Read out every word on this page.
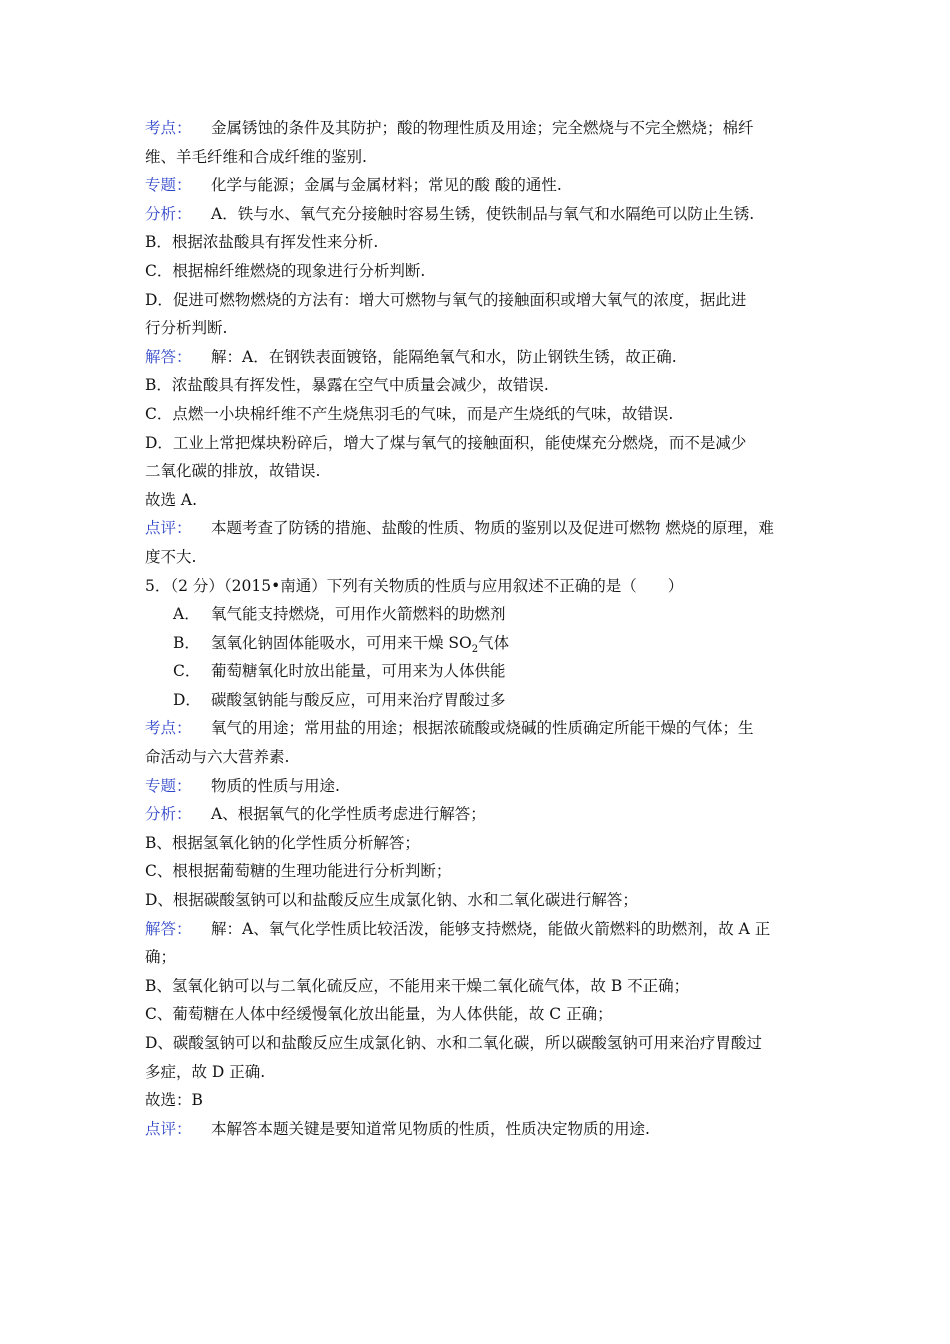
考点： 金属锈蚀的条件及其防护；酸的物理性质及用途；完全燃烧与不完全燃烧；棉纤
维、羊毛纤维和合成纤维的鉴别.
专题： 化学与能源；金属与金属材料；常见的酸 酸的通性.
分析： A．铁与水、氧气充分接触时容易生锈，使铁制品与氧气和水隔绝可以防止生锈.
B．根据浓盐酸具有挥发性来分析.
C．根据棉纤维燃烧的现象进行分析判断.
D．促进可燃物燃烧的方法有：增大可燃物与氧气的接触面积或增大氧气的浓度，据此进
行分析判断.
解答： 解：A．在钢铁表面镀铬，能隔绝氧气和水，防止钢铁生锈，故正确.
B．浓盐酸具有挥发性，暴露在空气中质量会减少，故错误.
C．点燃一小块棉纤维不产生烧焦羽毛的气味，而是产生烧纸的气味，故错误.
D．工业上常把煤块粉碎后，增大了煤与氧气的接触面积，能使煤充分燃烧，而不是减少
二氧化碳的排放，故错误.
故选 A.
点评： 本题考查了防锈的措施、盐酸的性质、物质的鉴别以及促进可燃物 燃烧的原理，难
度不大.
5．（2 分）（2015•南通）下列有关物质的性质与应用叙述不正确的是（　　）
A． 氧气能支持燃烧，可用作火箭燃料的助燃剂
B． 氢氧化钠固体能吸水，可用来干燥 $SO_2$气体
C． 葡萄糖氧化时放出能量，可用来为人体供能
D． 碳酸氢钠能与酸反应，可用来治疗胃酸过多
考点： 氧气的用途；常用盐的用途；根据浓硫酸或烧碱的性质确定所能干燥的气体；生
命活动与六大营养素.
专题： 物质的性质与用途.
分析： A、根据氧气的化学性质考虑进行解答；
B、根据氢氧化钠的化学性质分析解答；
C、根根据葡萄糖的生理功能进行分析判断；
D、根据碳酸氢钠可以和盐酸反应生成氯化钠、水和二氧化碳进行解答；
解答： 解：A、氧气化学性质比较活泼，能够支持燃烧，能做火箭燃料的助燃剂，故 A 正
确；
B、氢氧化钠可以与二氧化硫反应，不能用来干燥二氧化硫气体，故 B 不正确；
C、葡萄糖在人体中经缓慢氧化放出能量，为人体供能，故 C 正确；
D、碳酸氢钠可以和盐酸反应生成氯化钠、水和二氧化碳，所以碳酸氢钠可用来治疗胃酸过
多症，故 D 正确.
故选：B
点评： 本解答本题关键是要知道常见物质的性质，性质决定物质的用途.
